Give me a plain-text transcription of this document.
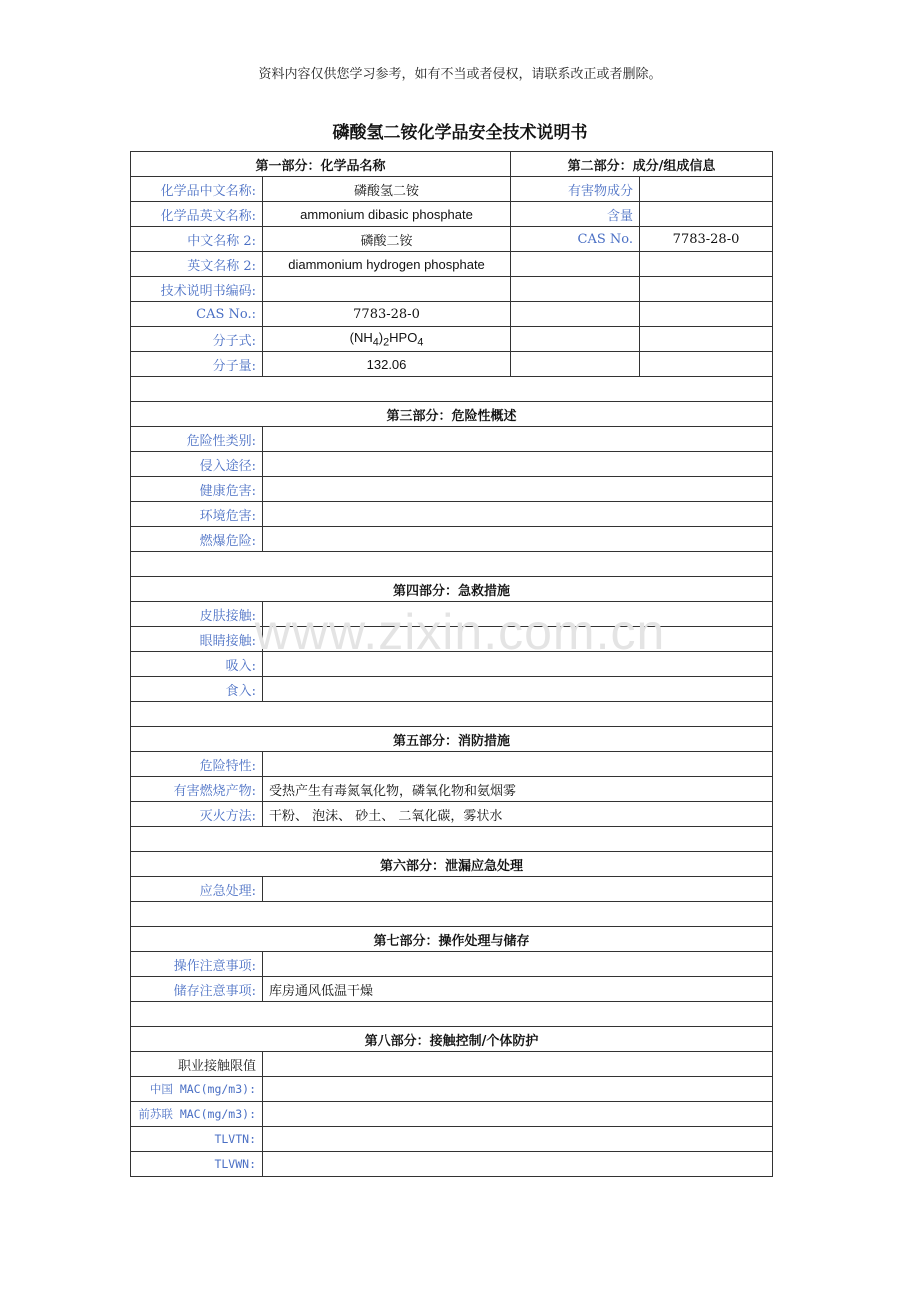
资料内容仅供您学习参考，如有不当或者侵权，请联系改正或者删除。
磷酸氢二铵化学品安全技术说明书
www.zixin.com.cn
第一部分：化学品名称		第二部分：成分/组成信息	
化学品中文名称:	磷酸氢二铵	有害物成分	
化学品英文名称:	ammonium dibasic phosphate	含量	
中文名称 2:	磷酸二铵	CAS No.	7783-28-0
英文名称 2:	diammonium hydrogen phosphate		
技术说明书编码:			
CAS No.:	7783-28-0		
分子式:	$(NH_4)_2HPO_4$		
分子量:	132.06		

第三部分：危险性概述			
危险性类别:			
侵入途径:			
健康危害:			
环境危害:			
燃爆危险:			

第四部分：急救措施			
皮肤接触:			
眼睛接触:			
吸入:			
食入:			

第五部分：消防措施			
危险特性:			
有害燃烧产物:	受热产生有毒氮氧化物，磷氧化物和氨烟雾		
灭火方法:	干粉、 泡沫、 砂土、 二氧化碳，雾状水		

第六部分：泄漏应急处理			
应急处理:			

第七部分：操作处理与储存			
操作注意事项:			
储存注意事项:	库房通风低温干燥		

第八部分：接触控制/个体防护			
职业接触限值			
中国 MAC(mg/m3):			
前苏联 MAC(mg/m3):			
TLVTN:			
TLVWN:			
